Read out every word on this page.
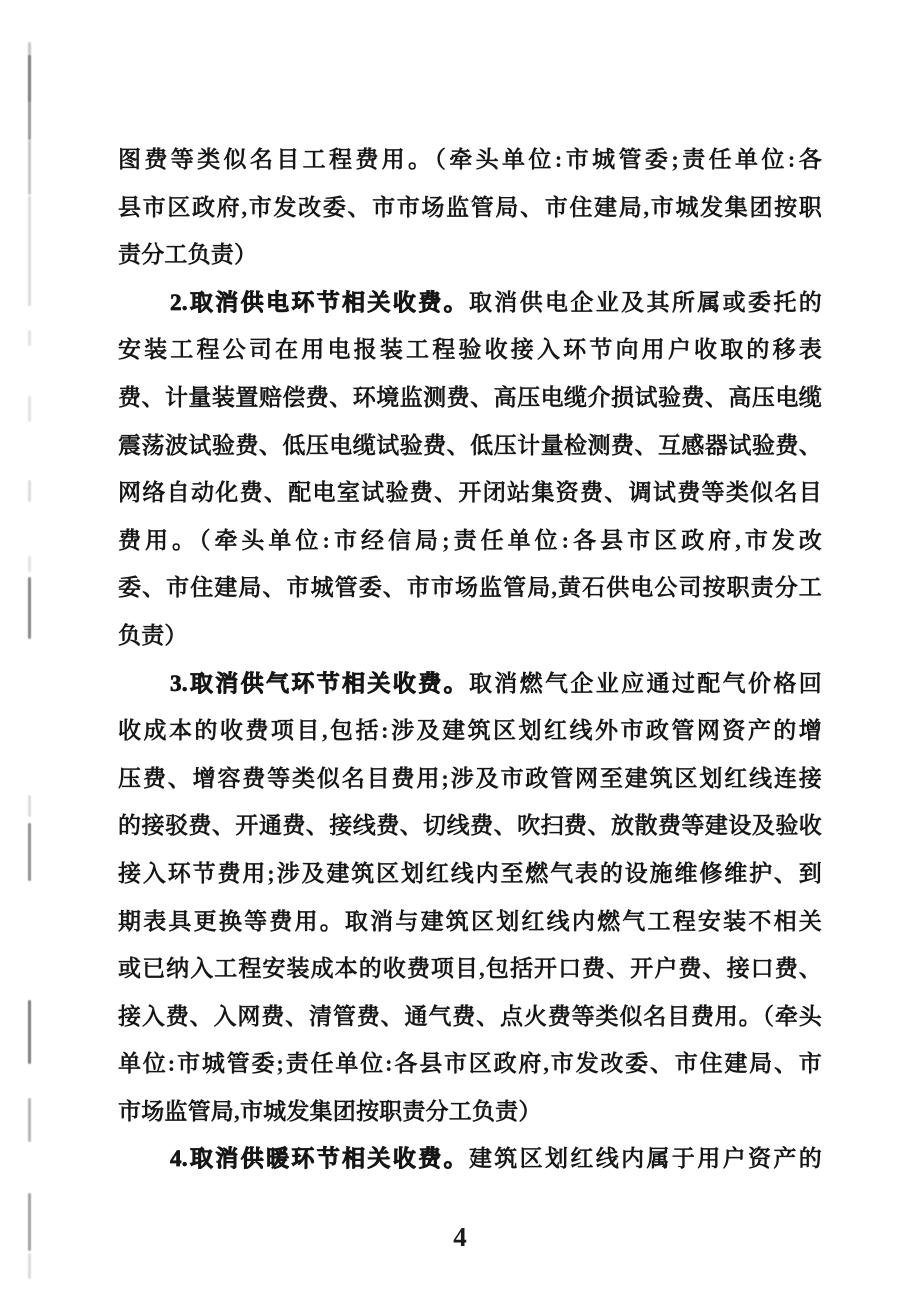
图费等类似名目工程费用。（牵头单位:市城管委;责任单位:各
县市区政府,市发改委、市市场监管局、市住建局,市城发集团按职
责分工负责）
2.取消供电环节相关收费。取消供电企业及其所属或委托的
安装工程公司在用电报装工程验收接入环节向用户收取的移表
费、计量装置赔偿费、环境监测费、高压电缆介损试验费、高压电缆
震荡波试验费、低压电缆试验费、低压计量检测费、互感器试验费、
网络自动化费、配电室试验费、开闭站集资费、调试费等类似名目
费用。（牵头单位:市经信局;责任单位:各县市区政府,市发改
委、市住建局、市城管委、市市场监管局,黄石供电公司按职责分工
负责）
3.取消供气环节相关收费。取消燃气企业应通过配气价格回
收成本的收费项目,包括:涉及建筑区划红线外市政管网资产的增
压费、增容费等类似名目费用;涉及市政管网至建筑区划红线连接
的接驳费、开通费、接线费、切线费、吹扫费、放散费等建设及验收
接入环节费用;涉及建筑区划红线内至燃气表的设施维修维护、到
期表具更换等费用。取消与建筑区划红线内燃气工程安装不相关
或已纳入工程安装成本的收费项目,包括开口费、开户费、接口费、
接入费、入网费、清管费、通气费、点火费等类似名目费用。（牵头
单位:市城管委;责任单位:各县市区政府,市发改委、市住建局、市
市场监管局,市城发集团按职责分工负责）
4.取消供暖环节相关收费。建筑区划红线内属于用户资产的
4
